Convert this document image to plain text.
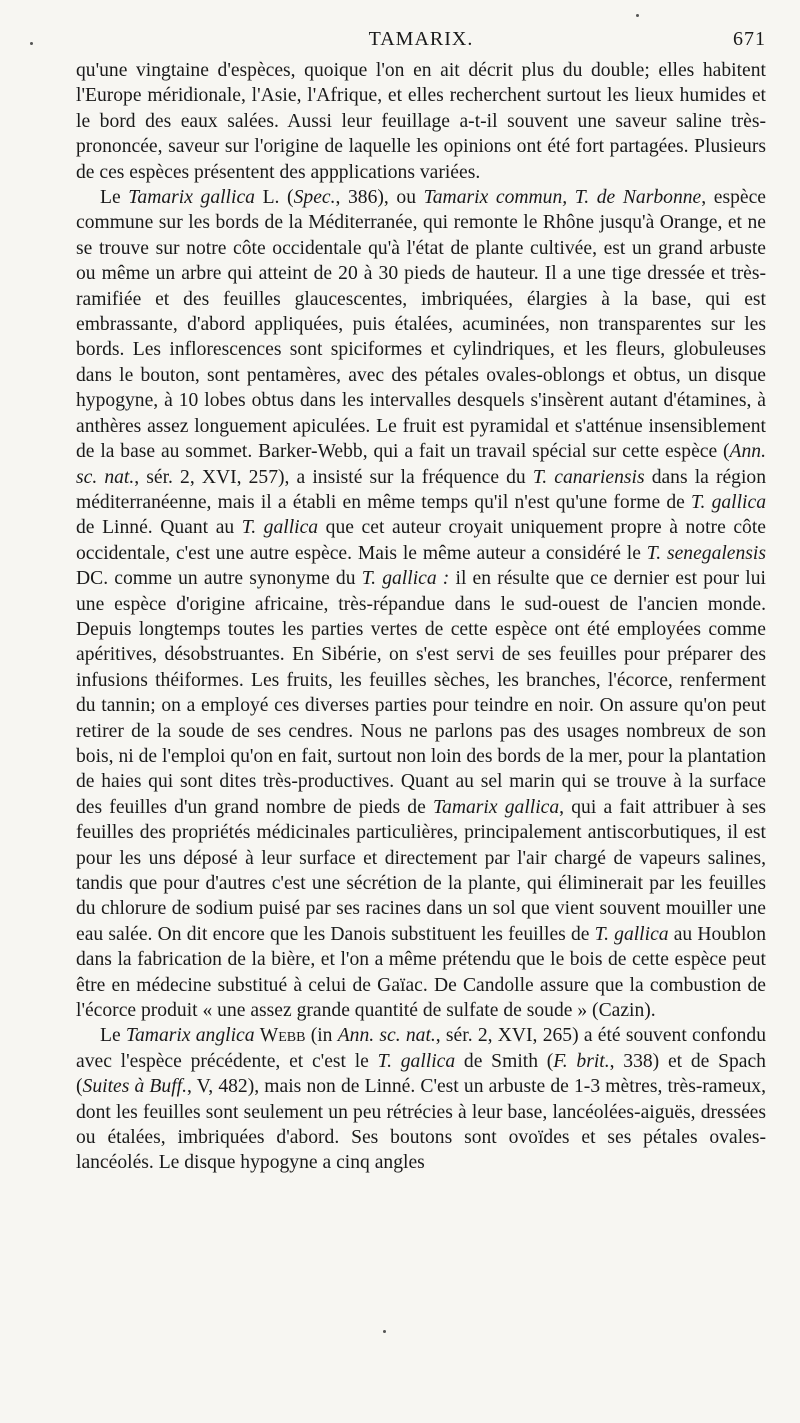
TAMARIX.	671

qu'une vingtaine d'espèces, quoique l'on en ait décrit plus du double; elles habitent l'Europe méridionale, l'Asie, l'Afrique, et elles recherchent surtout les lieux humides et le bord des eaux salées. Aussi leur feuillage a-t-il souvent une saveur saline très-prononcée, saveur sur l'origine de laquelle les opinions ont été fort partagées. Plusieurs de ces espèces présentent des appplications variées.

Le Tamarix gallica L. (Spec., 386), ou Tamarix commun, T. de Narbonne, espèce commune sur les bords de la Méditerranée, qui remonte le Rhône jusqu'à Orange, et ne se trouve sur notre côte occidentale qu'à l'état de plante cultivée, est un grand arbuste ou même un arbre qui atteint de 20 à 30 pieds de hauteur. Il a une tige dressée et très-ramifiée et des feuilles glaucescentes, imbriquées, élargies à la base, qui est embrassante, d'abord appliquées, puis étalées, acuminées, non transparentes sur les bords. Les inflorescences sont spiciformes et cylindriques, et les fleurs, globuleuses dans le bouton, sont pentamères, avec des pétales ovales-oblongs et obtus, un disque hypogyne, à 10 lobes obtus dans les intervalles desquels s'insèrent autant d'étamines, à anthères assez longuement apiculées. Le fruit est pyramidal et s'atténue insensiblement de la base au sommet. Barker-Webb, qui a fait un travail spécial sur cette espèce (Ann. sc. nat., sér. 2, XVI, 257), a insisté sur la fréquence du T. canariensis dans la région méditerranéenne, mais il a établi en même temps qu'il n'est qu'une forme de T. gallica de Linné. Quant au T. gallica que cet auteur croyait uniquement propre à notre côte occidentale, c'est une autre espèce. Mais le même auteur a considéré le T. senegalensis DC. comme un autre synonyme du T. gallica : il en résulte que ce dernier est pour lui une espèce d'origine africaine, très-répandue dans le sud-ouest de l'ancien monde. Depuis longtemps toutes les parties vertes de cette espèce ont été employées comme apéritives, désobstruantes. En Sibérie, on s'est servi de ses feuilles pour préparer des infusions théiformes. Les fruits, les feuilles sèches, les branches, l'écorce, renferment du tannin; on a employé ces diverses parties pour teindre en noir. On assure qu'on peut retirer de la soude de ses cendres. Nous ne parlons pas des usages nombreux de son bois, ni de l'emploi qu'on en fait, surtout non loin des bords de la mer, pour la plantation de haies qui sont dites très-productives. Quant au sel marin qui se trouve à la surface des feuilles d'un grand nombre de pieds de Tamarix gallica, qui a fait attribuer à ses feuilles des propriétés médicinales particulières, principalement antiscorbutiques, il est pour les uns déposé à leur surface et directement par l'air chargé de vapeurs salines, tandis que pour d'autres c'est une sécrétion de la plante, qui éliminerait par les feuilles du chlorure de sodium puisé par ses racines dans un sol que vient souvent mouiller une eau salée. On dit encore que les Danois substituent les feuilles de T. gallica au Houblon dans la fabrication de la bière, et l'on a même prétendu que le bois de cette espèce peut être en médecine substitué à celui de Gaïac. De Candolle assure que la combustion de l'écorce produit « une assez grande quantité de sulfate de soude » (Cazin).

Le Tamarix anglica Webb (in Ann. sc. nat., sér. 2, XVI, 265) a été souvent confondu avec l'espèce précédente, et c'est le T. gallica de Smith (F. brit., 338) et de Spach (Suites à Buff., V, 482), mais non de Linné. C'est un arbuste de 1-3 mètres, très-rameux, dont les feuilles sont seulement un peu rétrécies à leur base, lancéolées-aiguës, dressées ou étalées, imbriquées d'abord. Ses boutons sont ovoïdes et ses pétales ovales-lancéolés. Le disque hypogyne a cinq angles
